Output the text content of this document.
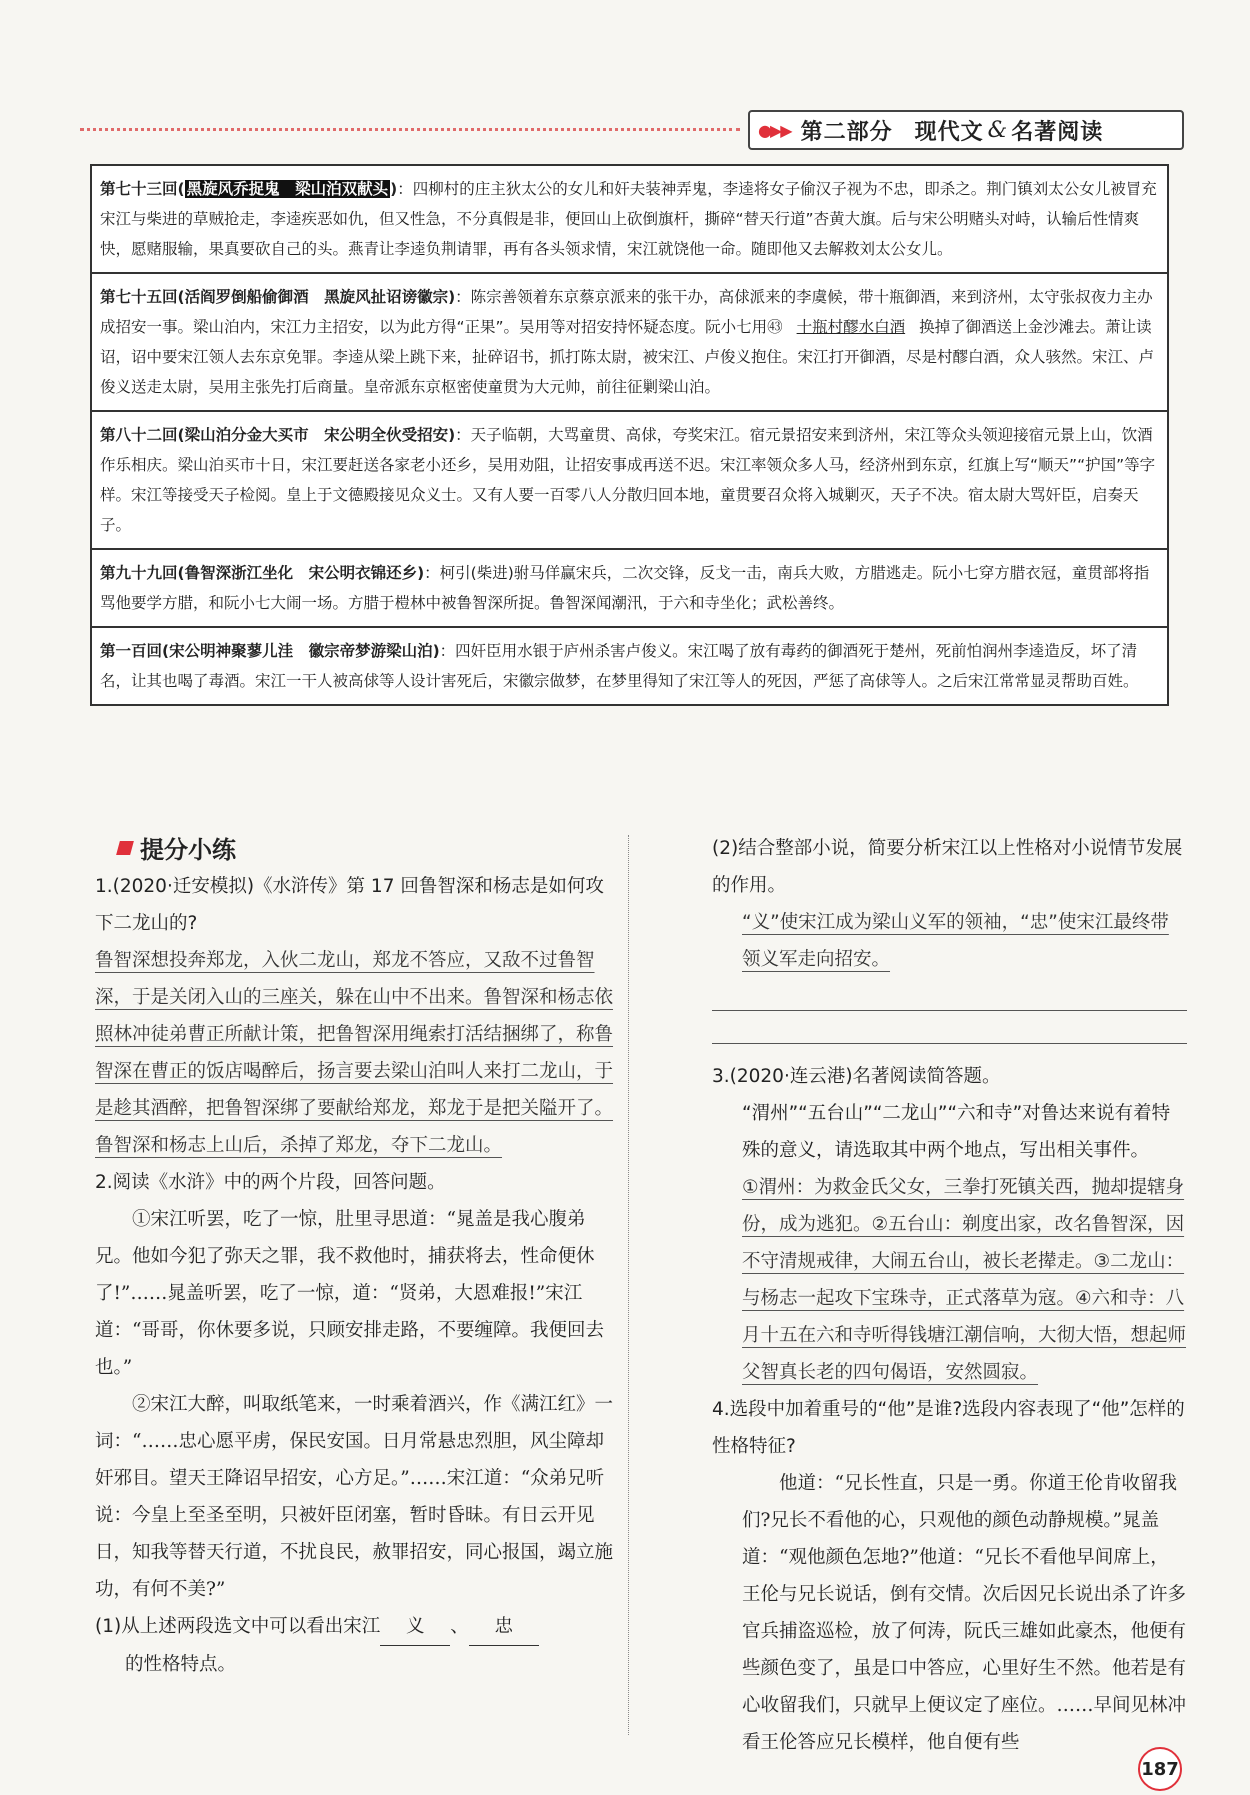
●▶▶ 第二部分 现代文 & 名著阅读
第七十三回( 黑旋风乔捉鬼　梁山泊双献头 )：四柳村的庄主狄太公的女儿和奸夫装神弄鬼，李逵将女子偷汉子视为不忠，即杀之。荆门镇刘太公女儿被冒充宋江与柴进的草贼抢走，李逵疾恶如仇，但又性急，不分真假是非，便回山上砍倒旗杆，撕碎“替天行道”杏黄大旗。后与宋公明赌头对峙，认输后性情爽快，愿赌服输，果真要砍自己的头。燕青让李逵负荆请罪，再有各头领求情，宋江就饶他一命。随即他又去解救刘太公女儿。
第七十五回(活阎罗倒船偷御酒　黑旋风扯诏谤徽宗)：陈宗善领着东京蔡京派来的张干办，高俅派来的李虞候，带十瓶御酒，来到济州，太守张叔夜力主办成招安一事。梁山泊内，宋江力主招安，以为此方得“正果”。吴用等对招安持怀疑态度。阮小七用㊸ 十瓶村醪水白酒 换掉了御酒送上金沙滩去。萧让读诏，诏中要宋江领人去东京免罪。李逵从梁上跳下来，扯碎诏书，抓打陈太尉，被宋江、卢俊义抱住。宋江打开御酒，尽是村醪白酒，众人骇然。宋江、卢俊义送走太尉，吴用主张先打后商量。皇帝派东京枢密使童贯为大元帅，前往征剿梁山泊。
第八十二回(梁山泊分金大买市　宋公明全伙受招安)：天子临朝，大骂童贯、高俅，夸奖宋江。宿元景招安来到济州，宋江等众头领迎接宿元景上山，饮酒作乐相庆。梁山泊买市十日，宋江要赶送各家老小还乡，吴用劝阻，让招安事成再送不迟。宋江率领众多人马，经济州到东京，红旗上写“顺天”“护国”等字样。宋江等接受天子检阅。皇上于文德殿接见众义士。又有人要一百零八人分散归回本地，童贯要召众将入城剿灭，天子不决。宿太尉大骂奸臣，启奏天子。
第九十九回(鲁智深浙江坐化　宋公明衣锦还乡)：柯引(柴进)驸马佯赢宋兵，二次交锋，反戈一击，南兵大败，方腊逃走。阮小七穿方腊衣冠，童贯部将指骂他要学方腊，和阮小七大闹一场。方腊于榿林中被鲁智深所捉。鲁智深闻潮汛，于六和寺坐化；武松善终。
第一百回(宋公明神聚蓼儿洼　徽宗帝梦游梁山泊)：四奸臣用水银于庐州杀害卢俊义。宋江喝了放有毒药的御酒死于楚州，死前怕润州李逵造反，坏了清名，让其也喝了毒酒。宋江一干人被高俅等人设计害死后，宋徽宗做梦，在梦里得知了宋江等人的死因，严惩了高俅等人。之后宋江常常显灵帮助百姓。
提分小练

1.(2020·迁安模拟)《水浒传》第 17 回鲁智深和杨志是如何攻下二龙山的?

鲁智深想投奔郑龙，入伙二龙山，郑龙不答应，又敌不过鲁智深，于是关闭入山的三座关，躲在山中不出来。鲁智深和杨志依照林冲徒弟曹正所献计策，把鲁智深用绳索打活结捆绑了，称鲁智深在曹正的饭店喝醉后，扬言要去梁山泊叫人来打二龙山，于是趁其酒醉，把鲁智深绑了要献给郑龙，郑龙于是把关隘开了。鲁智深和杨志上山后，杀掉了郑龙，夺下二龙山。

2.阅读《水浒》中的两个片段，回答问题。

①宋江听罢，吃了一惊，肚里寻思道：“晁盖是我心腹弟兄。他如今犯了弥天之罪，我不救他时，捕获将去，性命便休了!”……晁盖听罢，吃了一惊，道：“贤弟，大恩难报!”宋江道：“哥哥，你休要多说，只顾安排走路，不要缠障。我便回去也。”

②宋江大醉，叫取纸笔来，一时乘着酒兴，作《满江红》一词：“……忠心愿平虏，保民安国。日月常悬忠烈胆，风尘障却奸邪目。望天王降诏早招安，心方足。”……宋江道：“众弟兄听说：今皇上至圣至明，只被奸臣闭塞，暂时昏昧。有日云开见日，知我等替天行道，不扰良民，赦罪招安，同心报国，竭立施功，有何不美?”

(1)从上述两段选文中可以看出宋江 义 、 忠
的性格特点。

(2)结合整部小说，简要分析宋江以上性格对小说情节发展的作用。

“义”使宋江成为梁山义军的领袖，“忠”使宋江最终带领义军走向招安。

3.(2020·连云港)名著阅读简答题。

“渭州”“五台山”“二龙山”“六和寺”对鲁达来说有着特殊的意义，请选取其中两个地点，写出相关事件。

①渭州：为救金氏父女，三拳打死镇关西，抛却提辖身份，成为逃犯。②五台山：剃度出家，改名鲁智深，因不守清规戒律，大闹五台山，被长老撵走。③二龙山：与杨志一起攻下宝珠寺，正式落草为寇。④六和寺：八月十五在六和寺听得钱塘江潮信响，大彻大悟，想起师父智真长老的四句偈语，安然圆寂。

4.选段中加着重号的“他”是谁?选段内容表现了“他”怎样的性格特征?

他道：“兄长性直，只是一勇。你道王伦肯收留我们?兄长不看他的心，只观他的颜色动静规模。”晁盖道：“观他颜色怎地?”他道：“兄长不看他早间席上，王伦与兄长说话，倒有交情。次后因兄长说出杀了许多官兵捕盗巡检，放了何涛，阮氏三雄如此豪杰，他便有些颜色变了，虽是口中答应，心里好生不然。他若是有心收留我们，只就早上便议定了座位。……早间见林冲看王伦答应兄长模样，他自便有些

187
